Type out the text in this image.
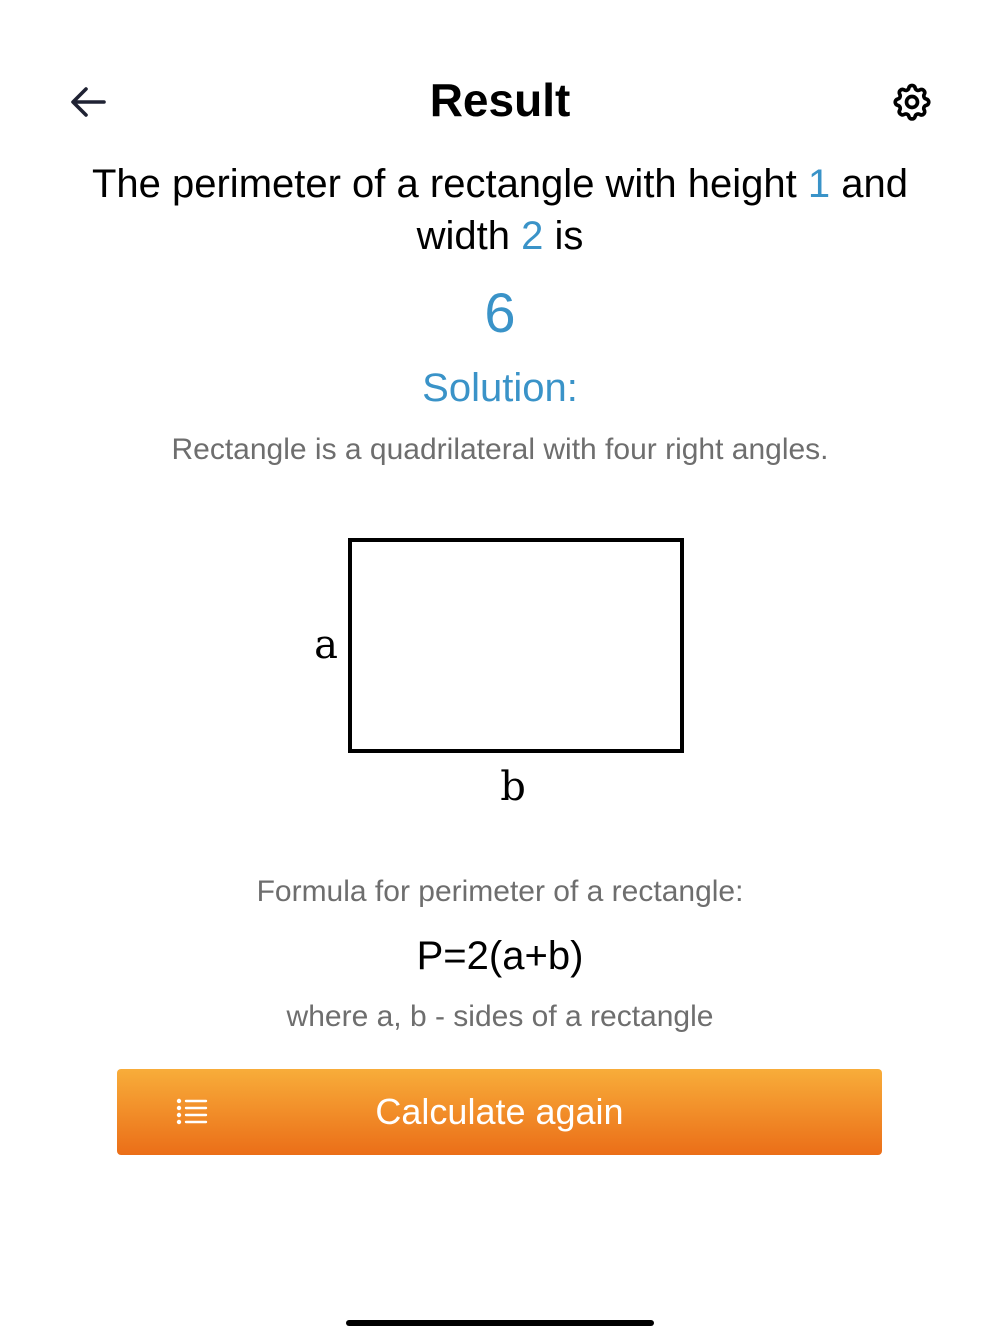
Result
The perimeter of a rectangle with height 1 and width 2 is
6
Solution:
Rectangle is a quadrilateral with four right angles.
a
b
Formula for perimeter of a rectangle:
P=2(a+b)
where a, b - sides of a rectangle
Calculate again
